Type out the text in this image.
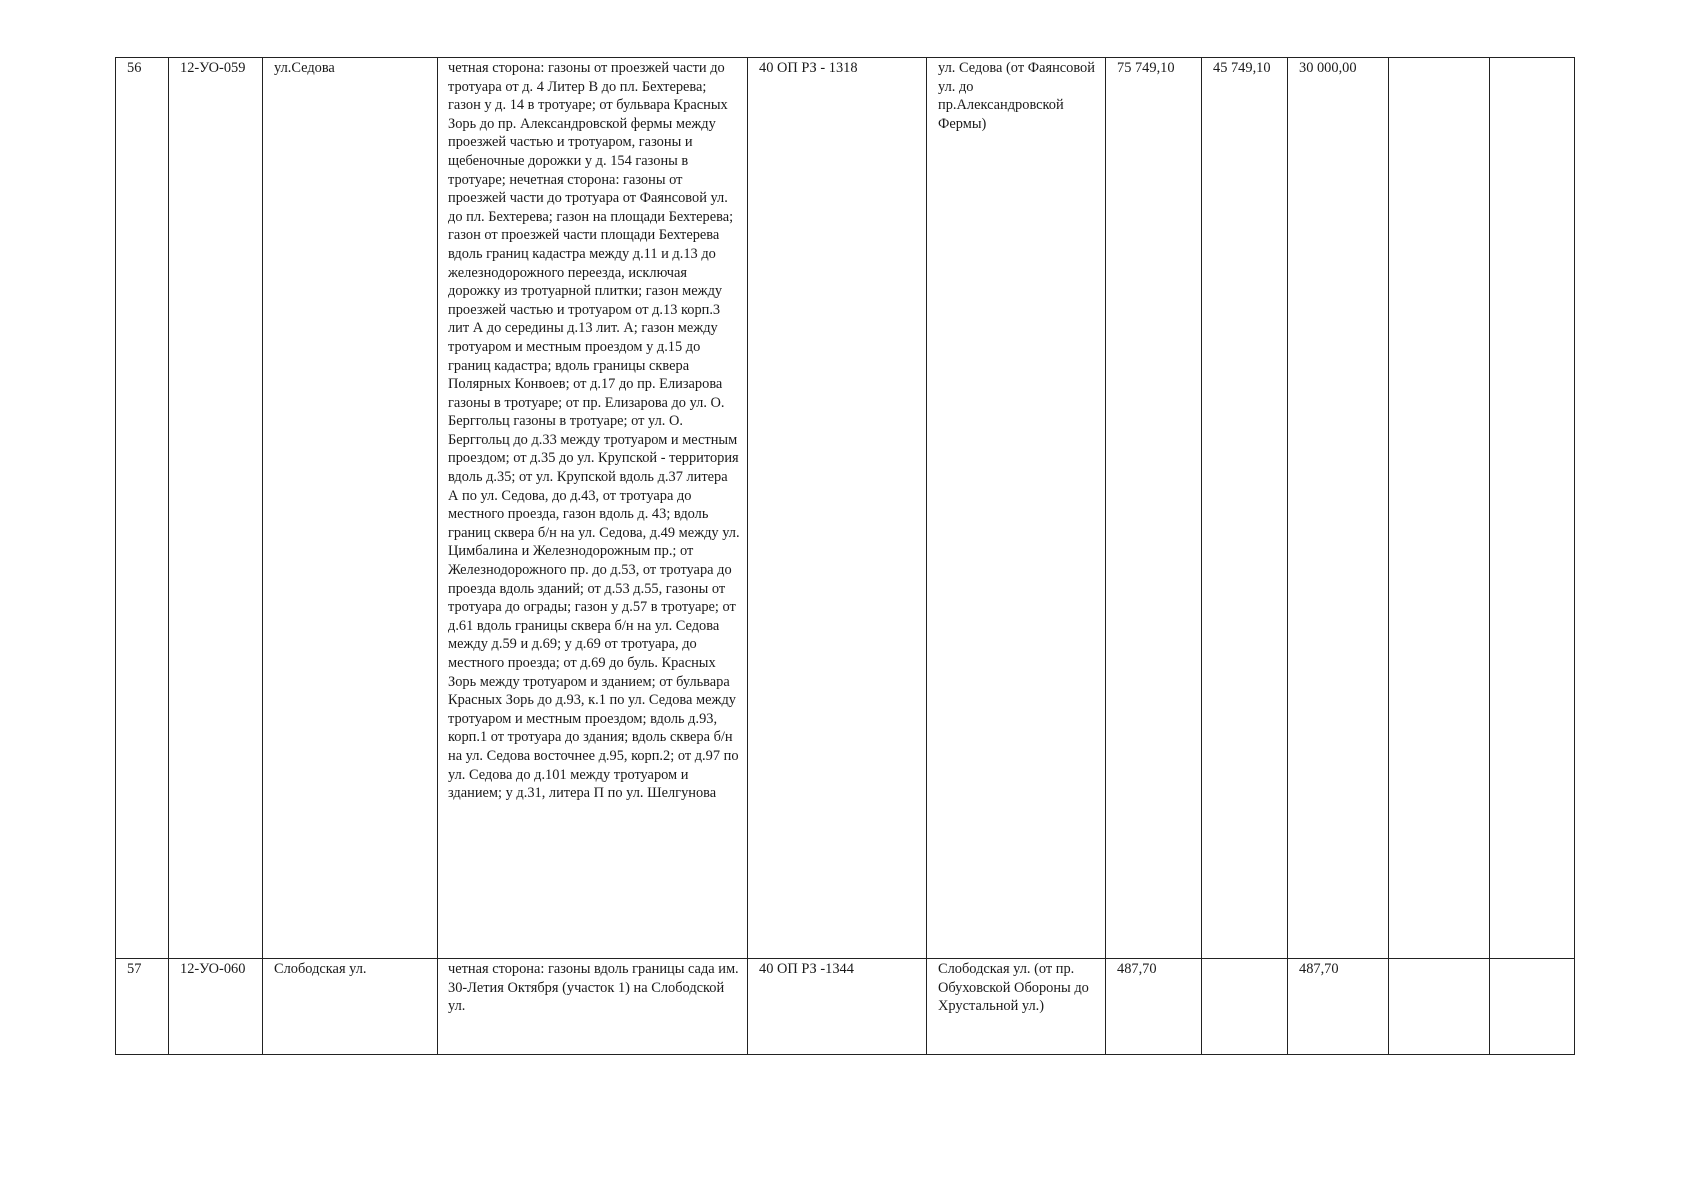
56	12-УО-059	ул.Седова	четная сторона: газоны от проезжей части до тротуара от д. 4 Литер В до пл. Бехтерева; газон у д. 14 в тротуаре; от бульвара Красных Зорь до пр. Александровской фермы между проезжей частью и тротуаром, газоны и щебеночные дорожки у д. 154 газоны в тротуаре; нечетная сторона: газоны от проезжей части до тротуара от Фаянсовой ул. до пл. Бехтерева; газон на площади Бехтерева; газон от проезжей части площади Бехтерева вдоль границ кадастра между д.11 и д.13 до железнодорожного переезда, исключая дорожку из тротуарной плитки; газон между проезжей частью и тротуаром от д.13 корп.3 лит А до середины д.13 лит. А; газон между тротуаром и местным проездом у д.15 до границ кадастра; вдоль границы сквера Полярных Конвоев; от д.17 до пр. Елизарова газоны в тротуаре; от пр. Елизарова до ул. О. Берггольц газоны в тротуаре; от ул. О. Берггольц до д.33 между тротуаром и местным проездом; от д.35 до ул. Крупской - территория вдоль д.35; от ул. Крупской вдоль д.37 литера А по ул. Седова, до д.43, от тротуара до местного проезда, газон вдоль д. 43; вдоль границ сквера б/н на ул. Седова, д.49 между ул. Цимбалина и Железнодорожным пр.; от Железнодорожного пр. до д.53, от тротуара до проезда вдоль зданий; от д.53 д.55, газоны от тротуара до ограды; газон у д.57 в тротуаре; от д.61 вдоль границы сквера б/н на ул. Седова между д.59 и д.69; у д.69 от тротуара, до местного проезда; от д.69 до буль. Красных Зорь между тротуаром и зданием; от бульвара Красных Зорь до д.93, к.1 по ул. Седова между тротуаром и местным проездом; вдоль д.93, корп.1 от тротуара до здания; вдоль сквера б/н на ул. Седова восточнее д.95, корп.2; от д.97 по ул. Седова до д.101 между тротуаром и зданием; у д.31, литера П по ул. Шелгунова	40 ОП РЗ - 1318	ул. Седова (от Фаянсовой ул. до пр.Александровской Фермы)	75 749,10	45 749,10	30 000,00		
57	12-УО-060	Слободская ул.	четная сторона: газоны вдоль границы сада им. 30-Летия Октября (участок 1) на Слободской ул.	40 ОП РЗ -1344	Слободская ул. (от пр. Обуховской Обороны до Хрустальной ул.)	487,70		487,70		
